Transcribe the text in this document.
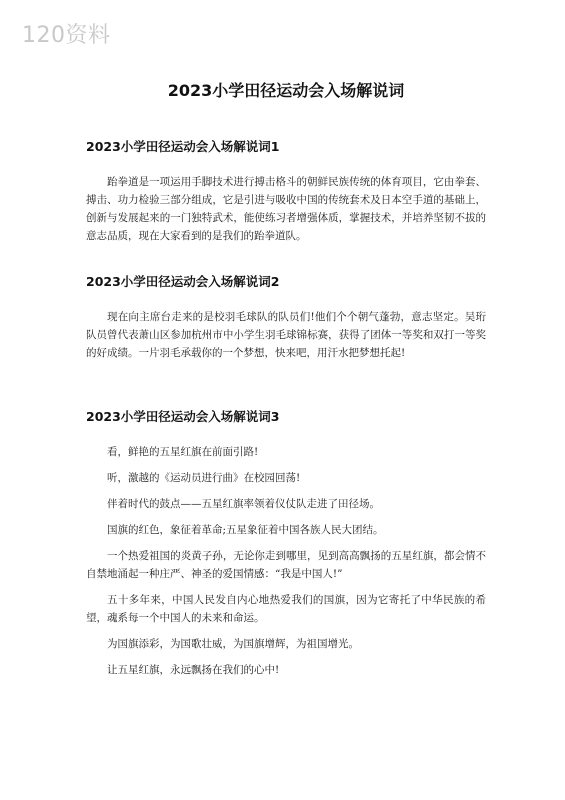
120资料
2023小学田径运动会入场解说词
2023小学田径运动会入场解说词1

跆拳道是一项运用手脚技术进行搏击格斗的朝鲜民族传统的体育项目，它由拳套、搏击、功力检验三部分组成，它是引进与吸收中国的传统套术及日本空手道的基础上，创新与发展起来的一门独特武术，能使练习者增强体质，掌握技术，并培养坚韧不拔的意志品质，现在大家看到的是我们的跆拳道队。

2023小学田径运动会入场解说词2

现在向主席台走来的是校羽毛球队的队员们!他们个个朝气蓬勃，意志坚定。吴珩队员曾代表萧山区参加杭州市中小学生羽毛球锦标赛，获得了团体一等奖和双打一等奖的好成绩。一片羽毛承载你的一个梦想，快来吧，用汗水把梦想托起!

2023小学田径运动会入场解说词3

看，鲜艳的五星红旗在前面引路!

听，激越的《运动员进行曲》在校园回荡!

伴着时代的鼓点——五星红旗率领着仪仗队走进了田径场。

国旗的红色，象征着革命;五星象征着中国各族人民大团结。

一个热爱祖国的炎黄子孙，无论你走到哪里，见到高高飘扬的五星红旗，都会情不自禁地涌起一种庄严、神圣的爱国情感：“我是中国人!”

五十多年来，中国人民发自内心地热爱我们的国旗，因为它寄托了中华民族的希望，魂系每一个中国人的未来和命运。

为国旗添彩，为国歌壮威，为国旗增辉，为祖国增光。

让五星红旗，永远飘扬在我们的心中!
